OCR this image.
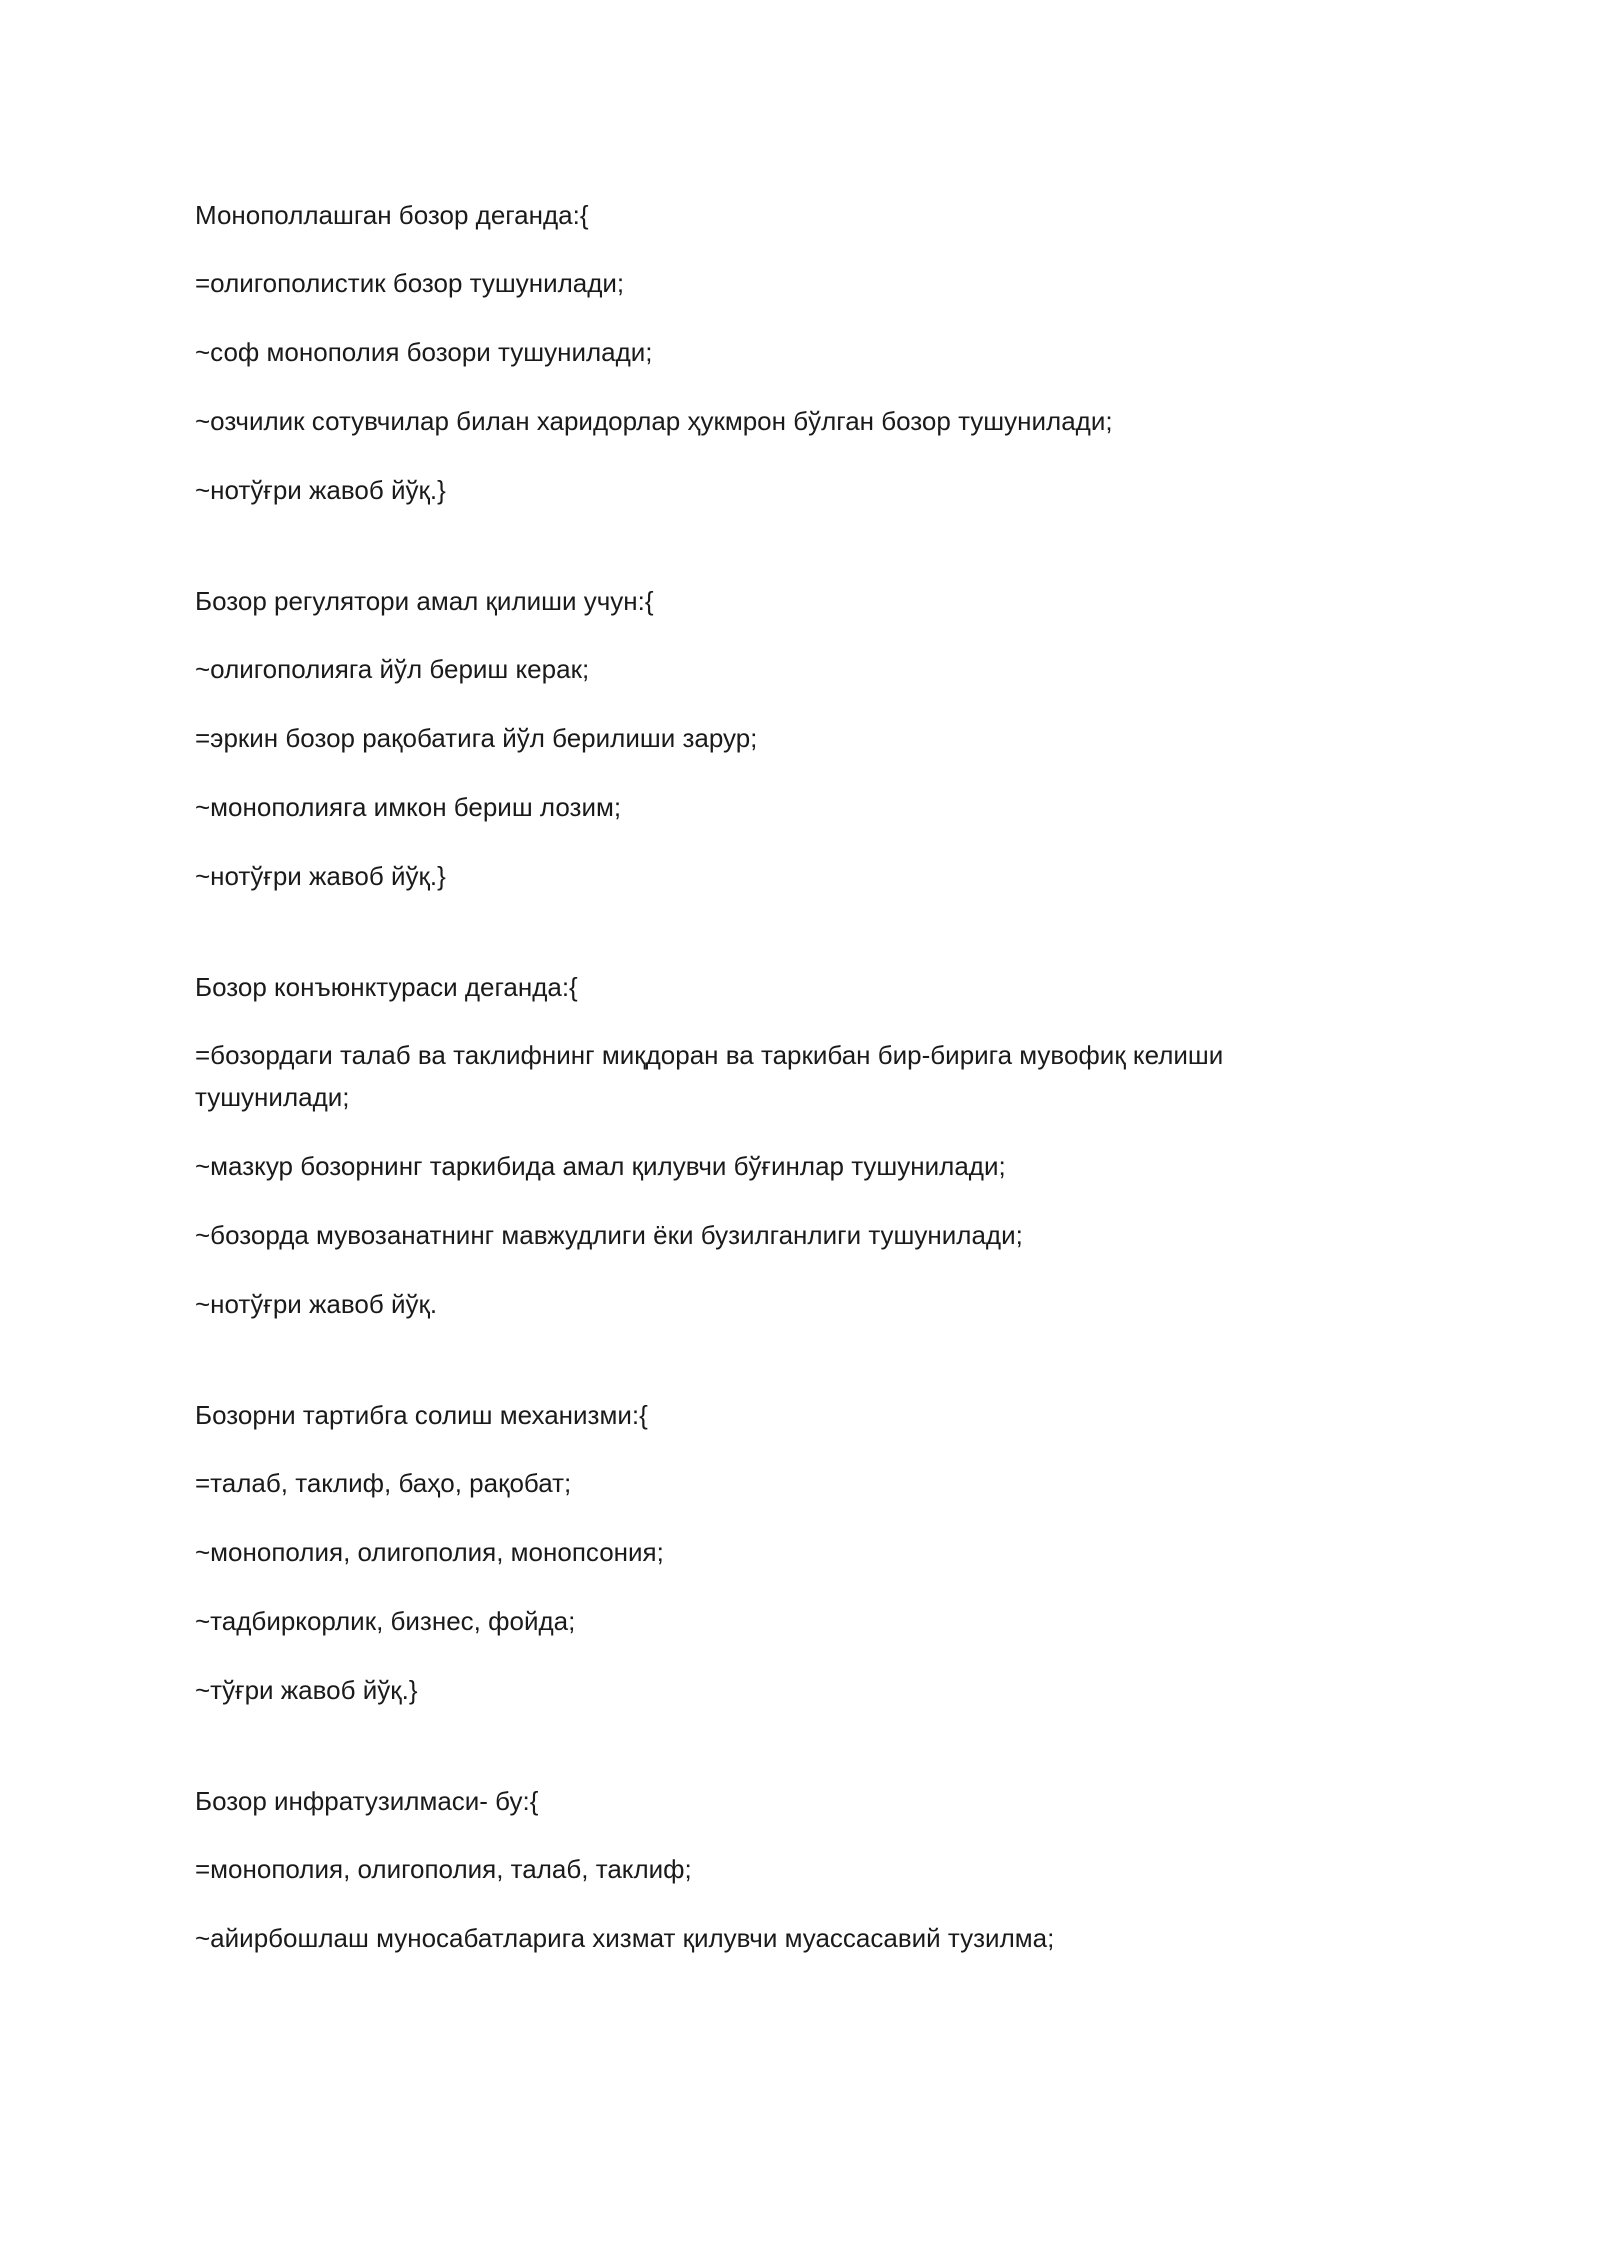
Монополлашган бозор деганда:{
=олигополистик бозор тушунилади;
~соф монополия бозори тушунилади;
~озчилик сотувчилар билан харидорлар ҳукмрон бўлган бозор тушунилади;
~нотўғри жавоб йўқ.}
Бозор регулятори амал қилиши учун:{
~олигополияга йўл бериш керак;
=эркин бозор рақобатига йўл берилиши зарур;
~монополияга имкон бериш лозим;
~нотўғри жавоб йўқ.}
Бозор конъюнктураси деганда:{
=бозордаги талаб ва таклифнинг миқдоран ва таркибан бир-бирига мувофиқ келиши тушунилади;
~мазкур бозорнинг таркибида амал қилувчи бўғинлар тушунилади;
~бозорда мувозанатнинг мавжудлиги ёки бузилганлиги тушунилади;
~нотўғри жавоб йўқ.
Бозорни тартибга солиш механизми:{
=талаб, таклиф, баҳо, рақобат;
~монополия, олигополия, монопсония;
~тадбиркорлик, бизнес, фойда;
~тўғри жавоб йўқ.}
Бозор инфратузилмаси- бу:{
=монополия, олигополия, талаб, таклиф;
~айирбошлаш муносабатларига хизмат қилувчи муассасавий тузилма;
